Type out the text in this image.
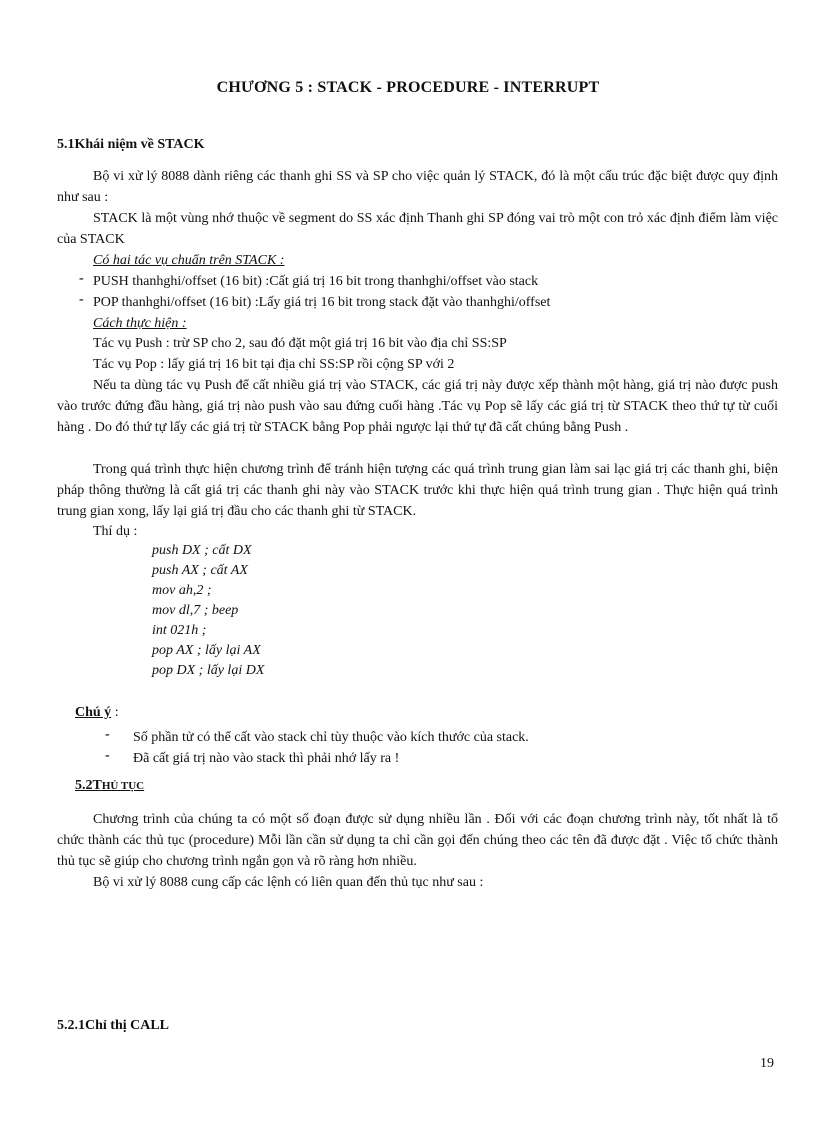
CHƯƠNG 5 : STACK - PROCEDURE - INTERRUPT
5.1Khái niệm về STACK
Bộ vi xử lý 8088 dành riêng các thanh ghi SS và SP cho việc quản lý STACK, đó là một cấu trúc đặc biệt được quy định như sau :
STACK là một vùng nhớ thuộc về segment do SS xác định Thanh ghi SP đóng vai trò một con trỏ xác định điểm làm việc của STACK
Có hai tác vụ chuẩn trên STACK :
- PUSH thanhghi/offset (16 bit) :Cất giá trị 16 bit trong thanhghi/offset vào stack
- POP thanhghi/offset (16 bit) :Lấy giá trị 16 bit trong stack đặt vào thanhghi/offset
Cách thực hiện :
Tác vụ Push : trừ SP cho 2, sau đó đặt một giá trị 16 bit vào địa chỉ SS:SP
Tác vụ Pop : lấy giá trị 16 bit tại địa chỉ SS:SP rồi cộng SP với 2
Nếu ta dùng tác vụ Push để cất nhiều giá trị vào STACK, các giá trị này được xếp thành một hàng, giá trị nào được push vào trước đứng đầu hàng, giá trị nào push vào sau đứng cuối hàng .Tác vụ Pop sẽ lấy các giá trị từ STACK theo thứ tự từ cuối hàng . Do đó thứ tự lấy các giá trị từ STACK bằng Pop phải ngược lại thứ tự đã cất chúng bằng Push .
Trong quá trình thực hiện chương trình để tránh hiện tượng các quá trình trung gian làm sai lạc giá trị các thanh ghi, biện pháp thông thường là cất giá trị các thanh ghi này vào STACK trước khi thực hiện quá trình trung gian . Thực hiện quá trình trung gian xong, lấy lại giá trị đầu cho các thanh ghi từ STACK.
Thí dụ :
push DX ; cất DX
push AX ; cất AX
mov ah,2 ;
mov dl,7 ; beep
int 021h ;
pop AX ; lấy lại AX
pop DX ; lấy lại DX
Chú ý :
- Số phần tử có thể cất vào stack chỉ tùy thuộc vào kích thước của stack.
- Đã cất giá trị nào vào stack thì phải nhớ lấy ra !
5.2THỦ TỤC
Chương trình của chúng ta có một số đoạn được sử dụng nhiều lần . Đối với các đoạn chương trình này, tốt nhất là tổ chức thành các thủ tục (procedure) Mỗi lần cần sử dụng ta chỉ cần gọi đến chúng theo các tên đã được đặt . Việc tổ chức thành thủ tục sẽ giúp cho chương trình ngắn gọn và rõ ràng hơn nhiều.
Bộ vi xử lý 8088 cung cấp các lệnh có liên quan đến thủ tục như sau :
5.2.1Chỉ thị CALL
19
